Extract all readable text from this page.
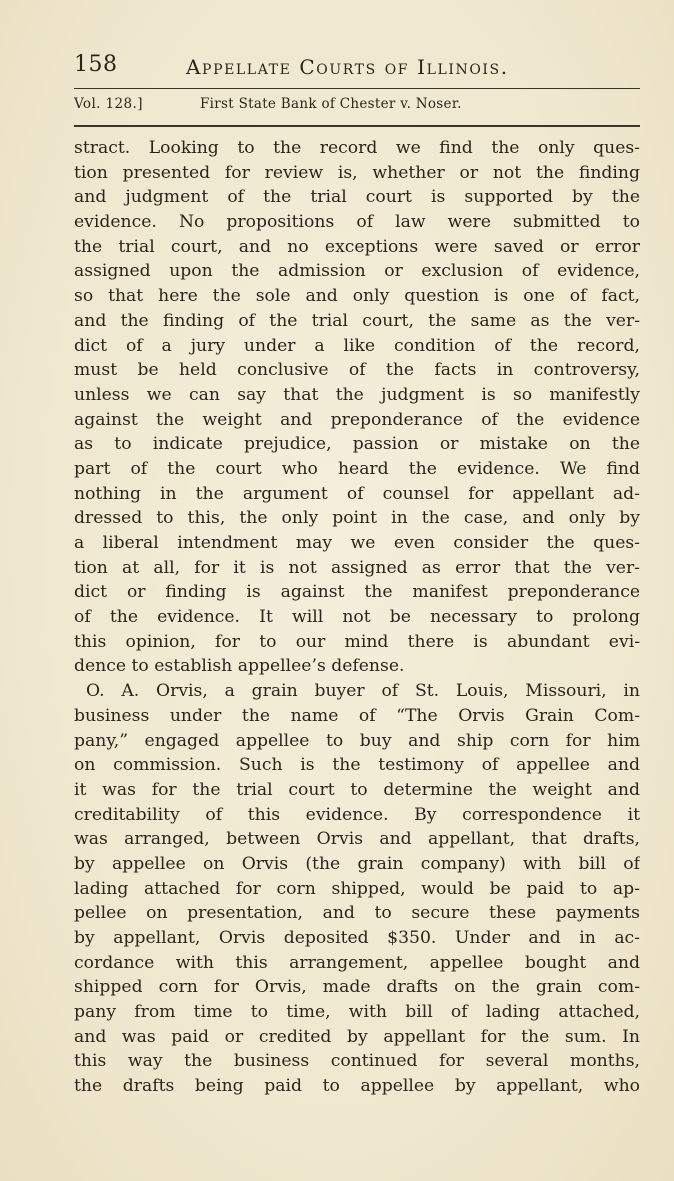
158	Appellate Courts of Illinois.
Vol. 128.]	First State Bank of Chester v. Noser.
stract. Looking to the record we find the only ques-
tion presented for review is, whether or not the finding
and judgment of the trial court is supported by the
evidence. No propositions of law were submitted to
the trial court, and no exceptions were saved or error
assigned upon the admission or exclusion of evidence,
so that here the sole and only question is one of fact,
and the finding of the trial court, the same as the ver-
dict of a jury under a like condition of the record,
must be held conclusive of the facts in controversy,
unless we can say that the judgment is so manifestly
against the weight and preponderance of the evidence
as to indicate prejudice, passion or mistake on the
part of the court who heard the evidence. We find
nothing in the argument of counsel for appellant ad-
dressed to this, the only point in the case, and only by
a liberal intendment may we even consider the ques-
tion at all, for it is not assigned as error that the ver-
dict or finding is against the manifest preponderance
of the evidence. It will not be necessary to prolong
this opinion, for to our mind there is abundant evi-
dence to establish appellee’s defense.
O. A. Orvis, a grain buyer of St. Louis, Missouri, in
business under the name of “The Orvis Grain Com-
pany,” engaged appellee to buy and ship corn for him
on commission. Such is the testimony of appellee and
it was for the trial court to determine the weight and
creditability of this evidence. By correspondence it
was arranged, between Orvis and appellant, that drafts,
by appellee on Orvis (the grain company) with bill of
lading attached for corn shipped, would be paid to ap-
pellee on presentation, and to secure these payments
by appellant, Orvis deposited $350. Under and in ac-
cordance with this arrangement, appellee bought and
shipped corn for Orvis, made drafts on the grain com-
pany from time to time, with bill of lading attached,
and was paid or credited by appellant for the sum. In
this way the business continued for several months,
the drafts being paid to appellee by appellant, who
